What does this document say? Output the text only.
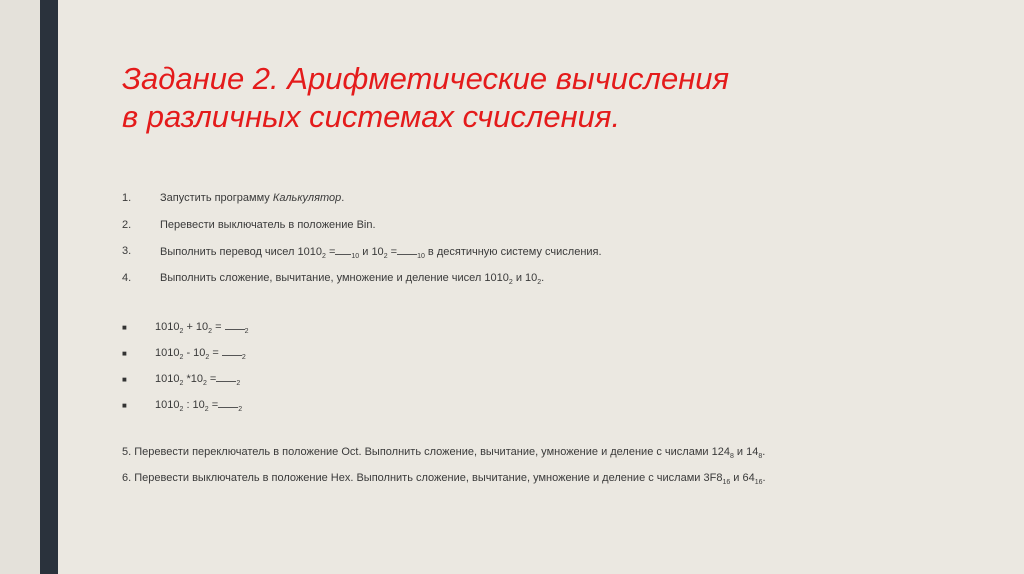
Задание 2. Арифметические вычисления
в различных системах счисления.
1.	Запустить программу Калькулятор.
2.	Перевести выключатель в положение Bin.
3.	Выполнить перевод чисел $1010_2 = _{10}$ и $10_2$ =	$_{10}$ в десятичную систему счисления.
4.	Выполнить сложение, вычитание, умножение и деление чисел $1010_2$ и $10_2$.
■	$1010_2 + 10_2$ =	$_2$
■	$1010_2 - 10_2$ =	$_2$
■	$1010_2$ $*10_2$ =	$_2$
■	$1010_2$ : $10_2$ =	$_2$
5. Перевести переключатель в положение Oct. Выполнить сложение, вычитание, умножение и деление с числами $124_8$ и $14_8$.
6. Перевести выключатель в положение Hex. Выполнить сложение, вычитание, умножение и деление с числами $3F8_{16}$ и $64_{16}$.
